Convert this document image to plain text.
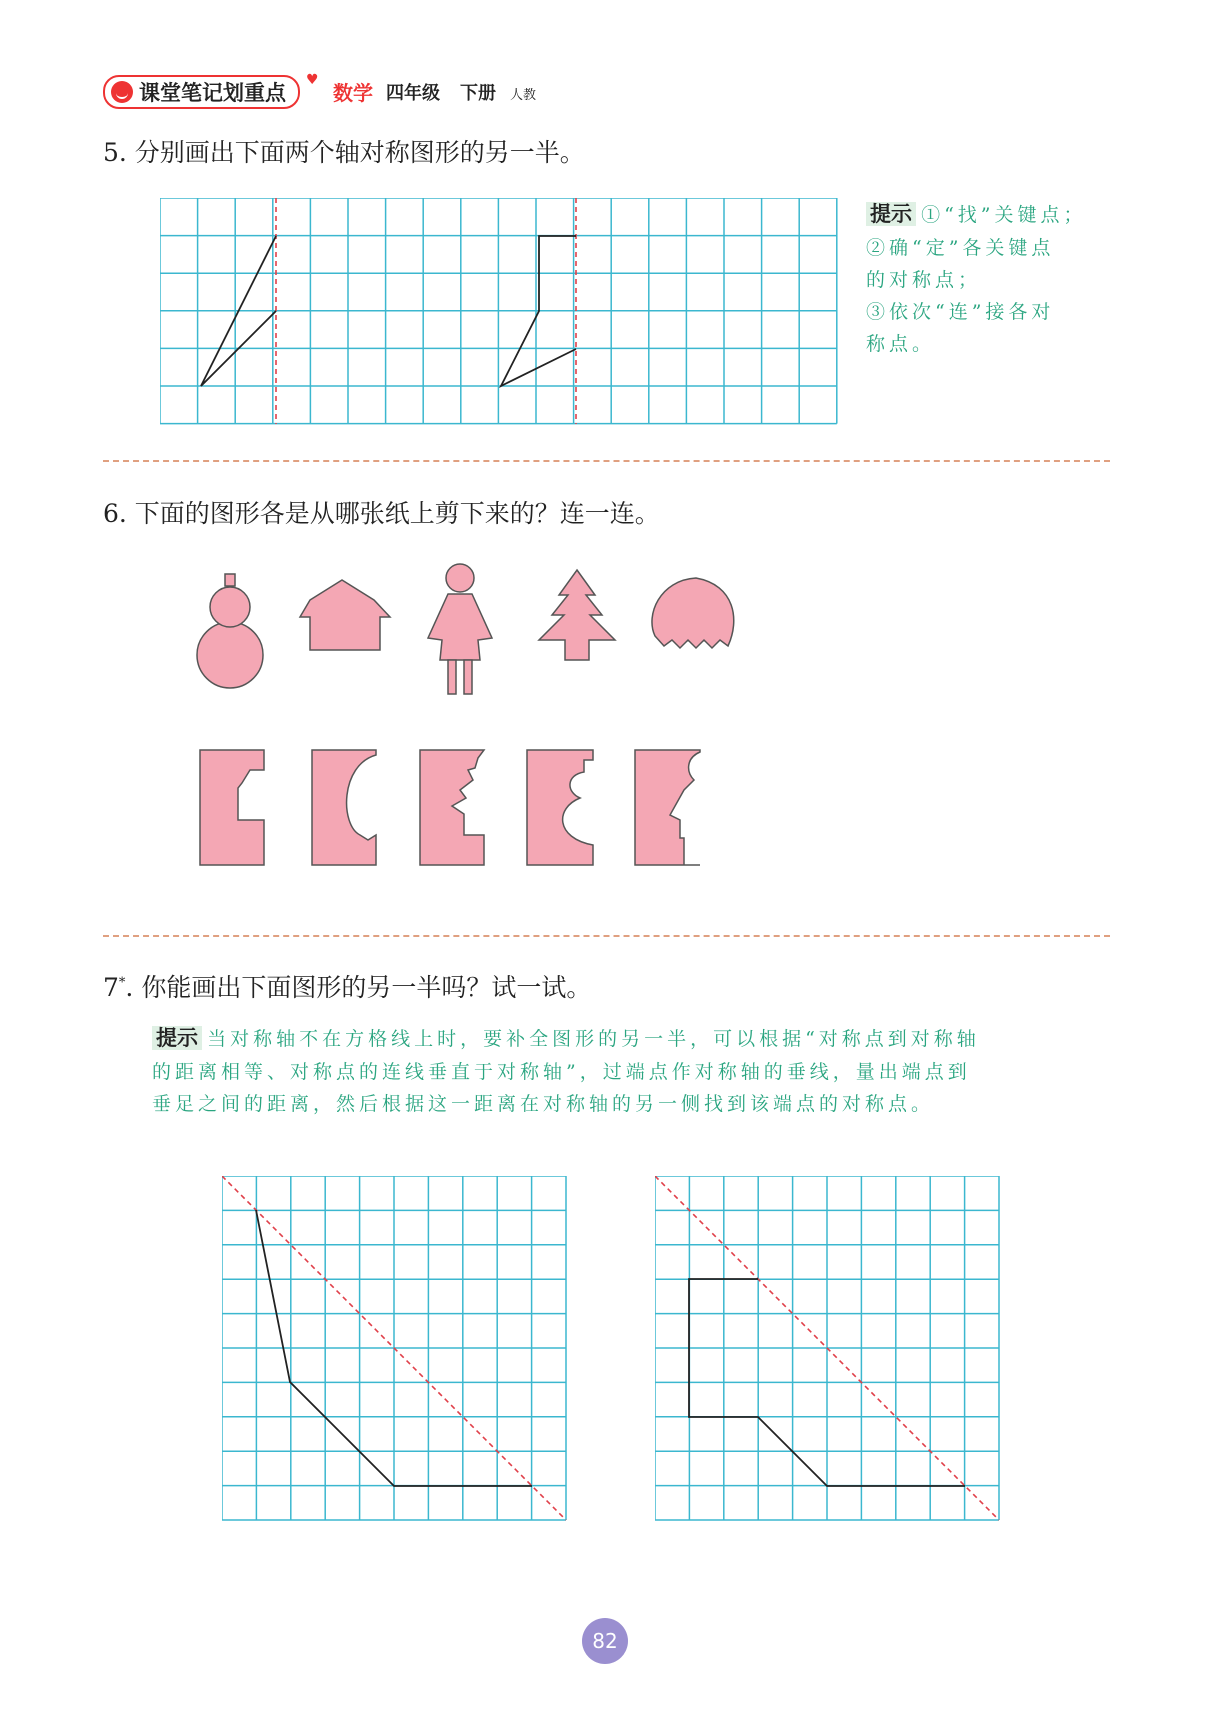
课堂笔记划重点
♥
数学 四年级 下册 人教
5. 分别画出下面两个轴对称图形的另一半。
提示 ①“找”关键点；
②确“定”各关键点
的对称点；
③依次“连”接各对
称点。
6. 下面的图形各是从哪张纸上剪下来的？连一连。
7*. 你能画出下面图形的另一半吗？试一试。
提示 当对称轴不在方格线上时，要补全图形的另一半，可以根据“对称点到对称轴
的距离相等、对称点的连线垂直于对称轴”，过端点作对称轴的垂线，量出端点到
垂足之间的距离，然后根据这一距离在对称轴的另一侧找到该端点的对称点。
82
